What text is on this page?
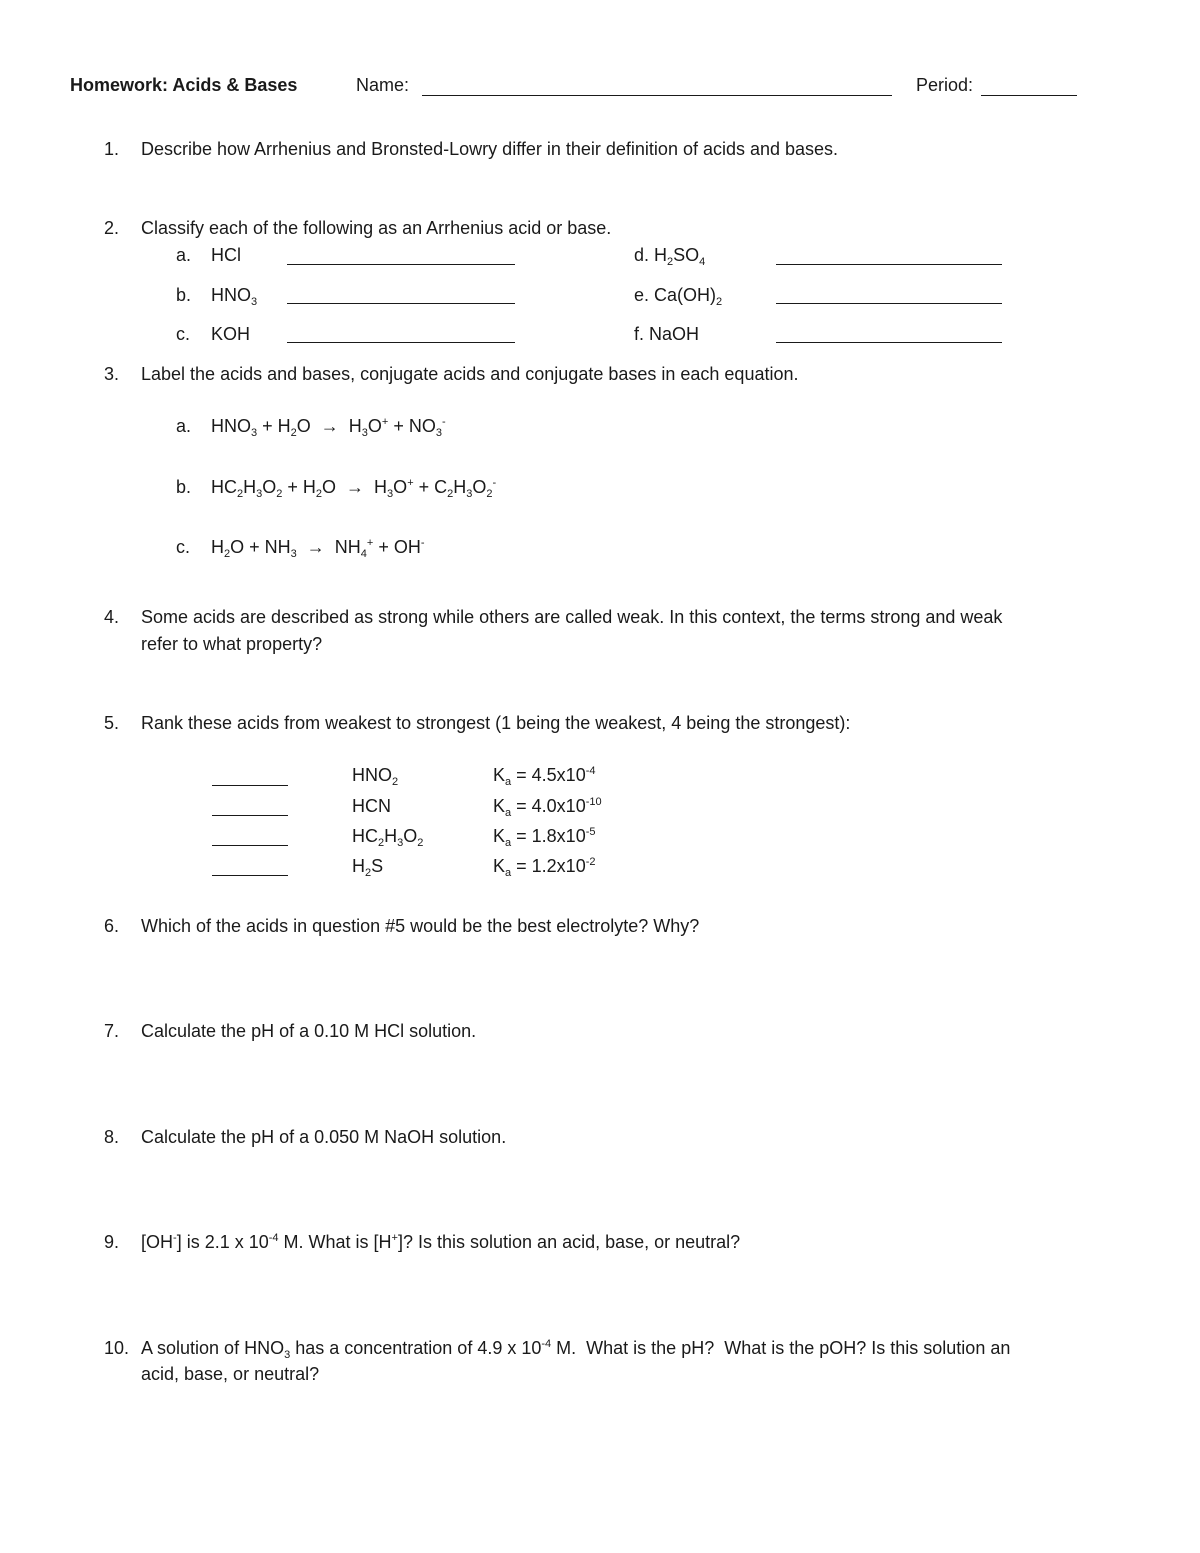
Homework: Acids & Bases	Name:	Period:
1.	Describe how Arrhenius and Bronsted-Lowry differ in their definition of acids and bases.
2.	Classify each of the following as an Arrhenius acid or base.
a. HCl
b. $HNO_3$
c. KOH
d. $H_2SO_4$
e. $Ca(OH)_2$
f. NaOH
3.	Label the acids and bases, conjugate acids and conjugate bases in each equation.
a. $HNO_3 + H_2O \to H_3O^+ + NO_3^-$
b. $HC_2H_3O_2 + H_2O \to H_3O^+ + C_2H_3O_2^-$
c. $H_2O + NH_3 \to NH_4^+ + OH^-$
4.	Some acids are described as strong while others are called weak. In this context, the terms strong and weak
refer to what property?
5.	Rank these acids from weakest to strongest (1 being the weakest, 4 being the strongest):
$HNO_2$	$K_a = 4.5x10^{-4}$
HCN	$K_a = 4.0x10^{-10}$
$HC_2H_3O_2$	$K_a = 1.8x10^{-5}$
$H_2S$	$K_a = 1.2x10^{-2}$
6.	Which of the acids in question #5 would be the best electrolyte? Why?
7.	Calculate the pH of a 0.10 M HCl solution.
8.	Calculate the pH of a 0.050 M NaOH solution.
9.	[OH-] is 2.1 x $10^{-4}$ M. What is [H+]? Is this solution an acid, base, or neutral?
10. A solution of $HNO_3$ has a concentration of 4.9 x $10^{-4}$ M.  What is the pH?  What is the pOH? Is this solution an
acid, base, or neutral?
